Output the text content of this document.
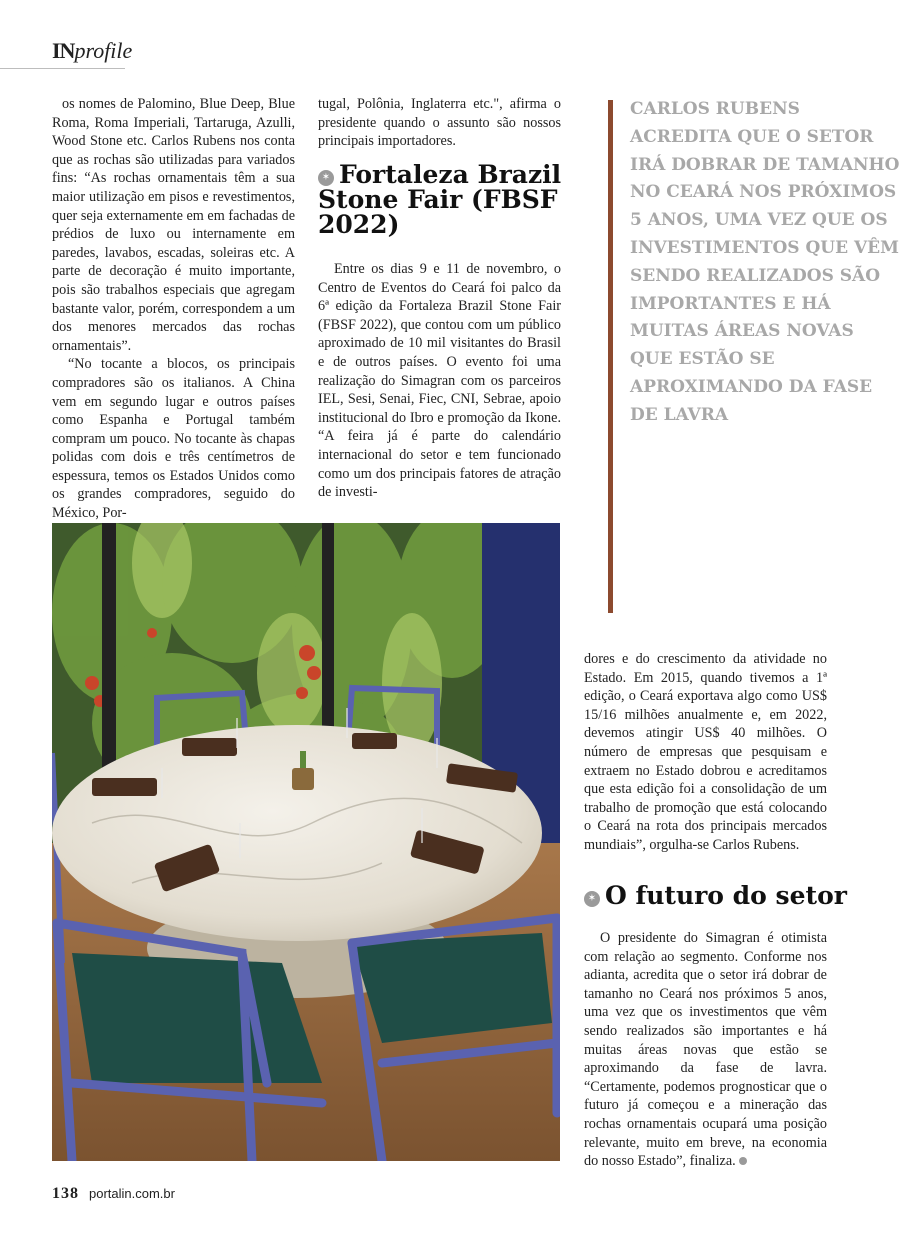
INprofile

os nomes de Palomino, Blue Deep, Blue Roma, Roma Imperiali, Tartaruga, Azulli, Wood Stone etc. Carlos Rubens nos conta que as rochas são utilizadas para variados fins: “As rochas ornamentais têm a sua maior utilização em pisos e revestimentos, quer seja externamente em em fachadas de prédios de luxo ou internamente em paredes, lavabos, escadas, soleiras etc. A parte de decoração é muito importante, pois são trabalhos especiais que agregam bastante valor, porém, correspondem a um dos menores mercados das rochas ornamentais”.

“No tocante a blocos, os principais compradores são os italianos. A China vem em segundo lugar e outros países como Espanha e Portugal também compram um pouco. No tocante às chapas polidas com dois e três centímetros de espessura, temos os Estados Unidos como os grandes compradores, seguido do México, Por-

tugal, Polônia, Inglaterra etc.", afirma o presidente quando o assunto são nossos principais importadores.

✶ Fortaleza Brazil Stone Fair (FBSF 2022)

Entre os dias 9 e 11 de novembro, o Centro de Eventos do Ceará foi palco da 6ª edição da Fortaleza Brazil Stone Fair (FBSF 2022), que contou com um público aproximado de 10 mil visitantes do Brasil e de outros países. O evento foi uma realização do Simagran com os parceiros IEL, Sesi, Senai, Fiec, CNI, Sebrae, apoio institucional do Ibro e promoção da Ikone. “A feira já é parte do calendário internacional do setor e tem funcionado como um dos principais fatores de atração de investi-

CARLOS RUBENS ACREDITA QUE O SETOR IRÁ DOBRAR DE TAMANHO NO CEARÁ NOS PRÓXIMOS 5 ANOS, UMA VEZ QUE OS INVESTIMENTOS QUE VÊM SENDO REALIZADOS SÃO IMPORTANTES E HÁ MUITAS ÁREAS NOVAS QUE ESTÃO SE APROXIMANDO DA FASE DE LAVRA

dores e do crescimento da atividade no Estado. Em 2015, quando tivemos a 1ª edição, o Ceará exportava algo como US$ 15/16 milhões anualmente e, em 2022, devemos atingir US$ 40 milhões. O número de empresas que pesquisam e extraem no Estado dobrou e acreditamos que esta edição foi a consolidação de um trabalho de promoção que está colocando o Ceará na rota dos principais mercados mundiais”, orgulha-se Carlos Rubens.

✶ O futuro do setor

O presidente do Simagran é otimista com relação ao segmento. Conforme nos adianta, acredita que o setor irá dobrar de tamanho no Ceará nos próximos 5 anos, uma vez que os investimentos que vêm sendo realizados são importantes e há muitas áreas novas que estão se aproximando da fase de lavra. “Certamente, podemos prognosticar que o futuro já começou e a mineração das rochas ornamentais ocupará uma posição relevante, muito em breve, na economia do nosso Estado”, finaliza.

138 portalin.com.br
